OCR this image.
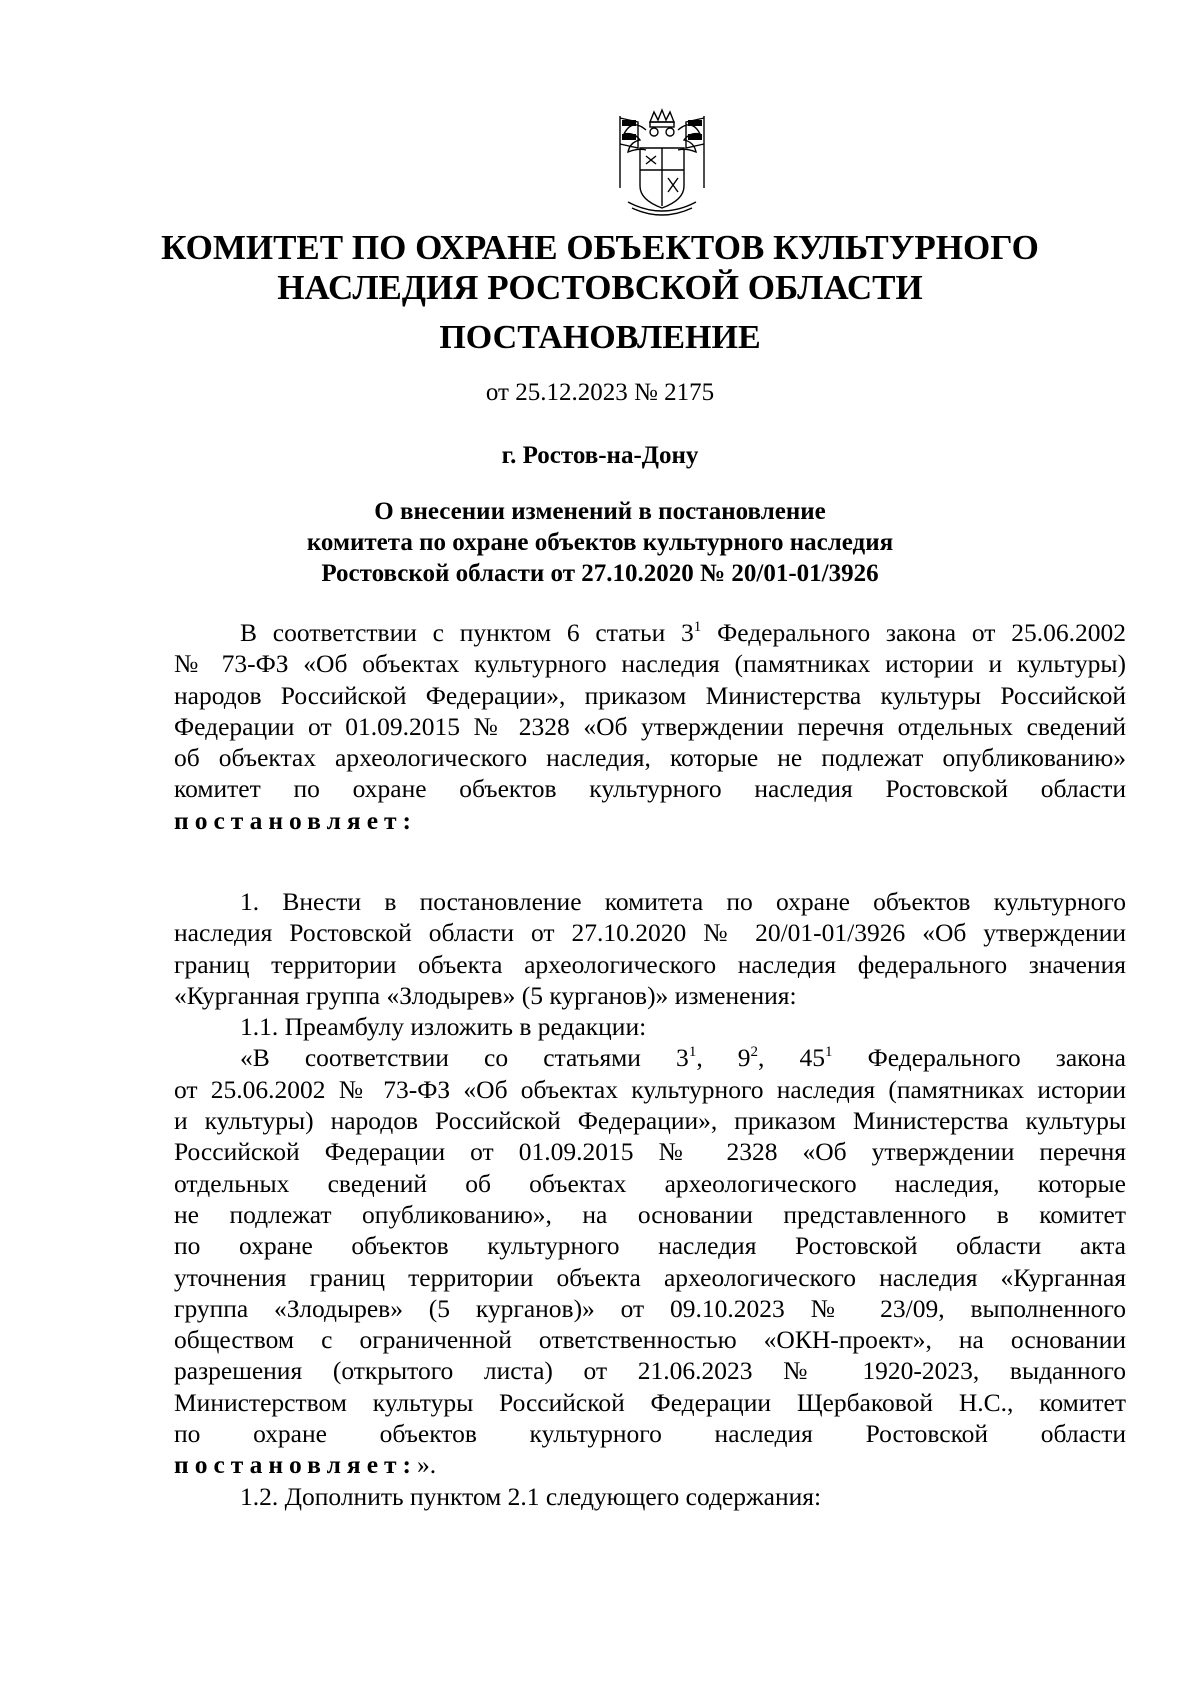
КОМИТЕТ ПО ОХРАНЕ ОБЪЕКТОВ КУЛЬТУРНОГО
НАСЛЕДИЯ РОСТОВСКОЙ ОБЛАСТИ
ПОСТАНОВЛЕНИЕ
от 25.12.2023 № 2175
г. Ростов-на-Дону
О внесении изменений в постановление
комитета по охране объектов культурного наследия
Ростовской области от 27.10.2020 № 20/01-01/3926
В соответствии с пунктом 6 статьи $3^1$ Федерального закона от 25.06.2002
№ 73-ФЗ «Об объектах культурного наследия (памятниках истории и культуры)
народов Российской Федерации», приказом Министерства культуры Российской
Федерации от 01.09.2015 № 2328 «Об утверждении перечня отдельных сведений
об объектах археологического наследия, которые не подлежат опубликованию»
комитет по охране объектов культурного наследия Ростовской области
постановляет:
1. Внести в постановление комитета по охране объектов культурного
наследия Ростовской области от 27.10.2020 № 20/01-01/3926 «Об утверждении
границ территории объекта археологического наследия федерального значения
«Курганная группа «Злодырев» (5 курганов)» изменения:
1.1. Преамбулу изложить в редакции:
«В соответствии со статьями $3^1$, $9^2$, $45^1$ Федерального закона
от 25.06.2002 № 73-ФЗ «Об объектах культурного наследия (памятниках истории
и культуры) народов Российской Федерации», приказом Министерства культуры
Российской Федерации от 01.09.2015 № 2328 «Об утверждении перечня
отдельных сведений об объектах археологического наследия, которые
не подлежат опубликованию», на основании представленного в комитет
по охране объектов культурного наследия Ростовской области акта
уточнения границ территории объекта археологического наследия «Курганная
группа «Злодырев» (5 курганов)» от 09.10.2023 № 23/09, выполненного
обществом с ограниченной ответственностью «ОКН-проект», на основании
разрешения (открытого листа) от 21.06.2023 № 1920-2023, выданного
Министерством культуры Российской Федерации Щербаковой Н.С., комитет
по охране объектов культурного наследия Ростовской области
постановляет:».
1.2. Дополнить пунктом 2.1 следующего содержания:
